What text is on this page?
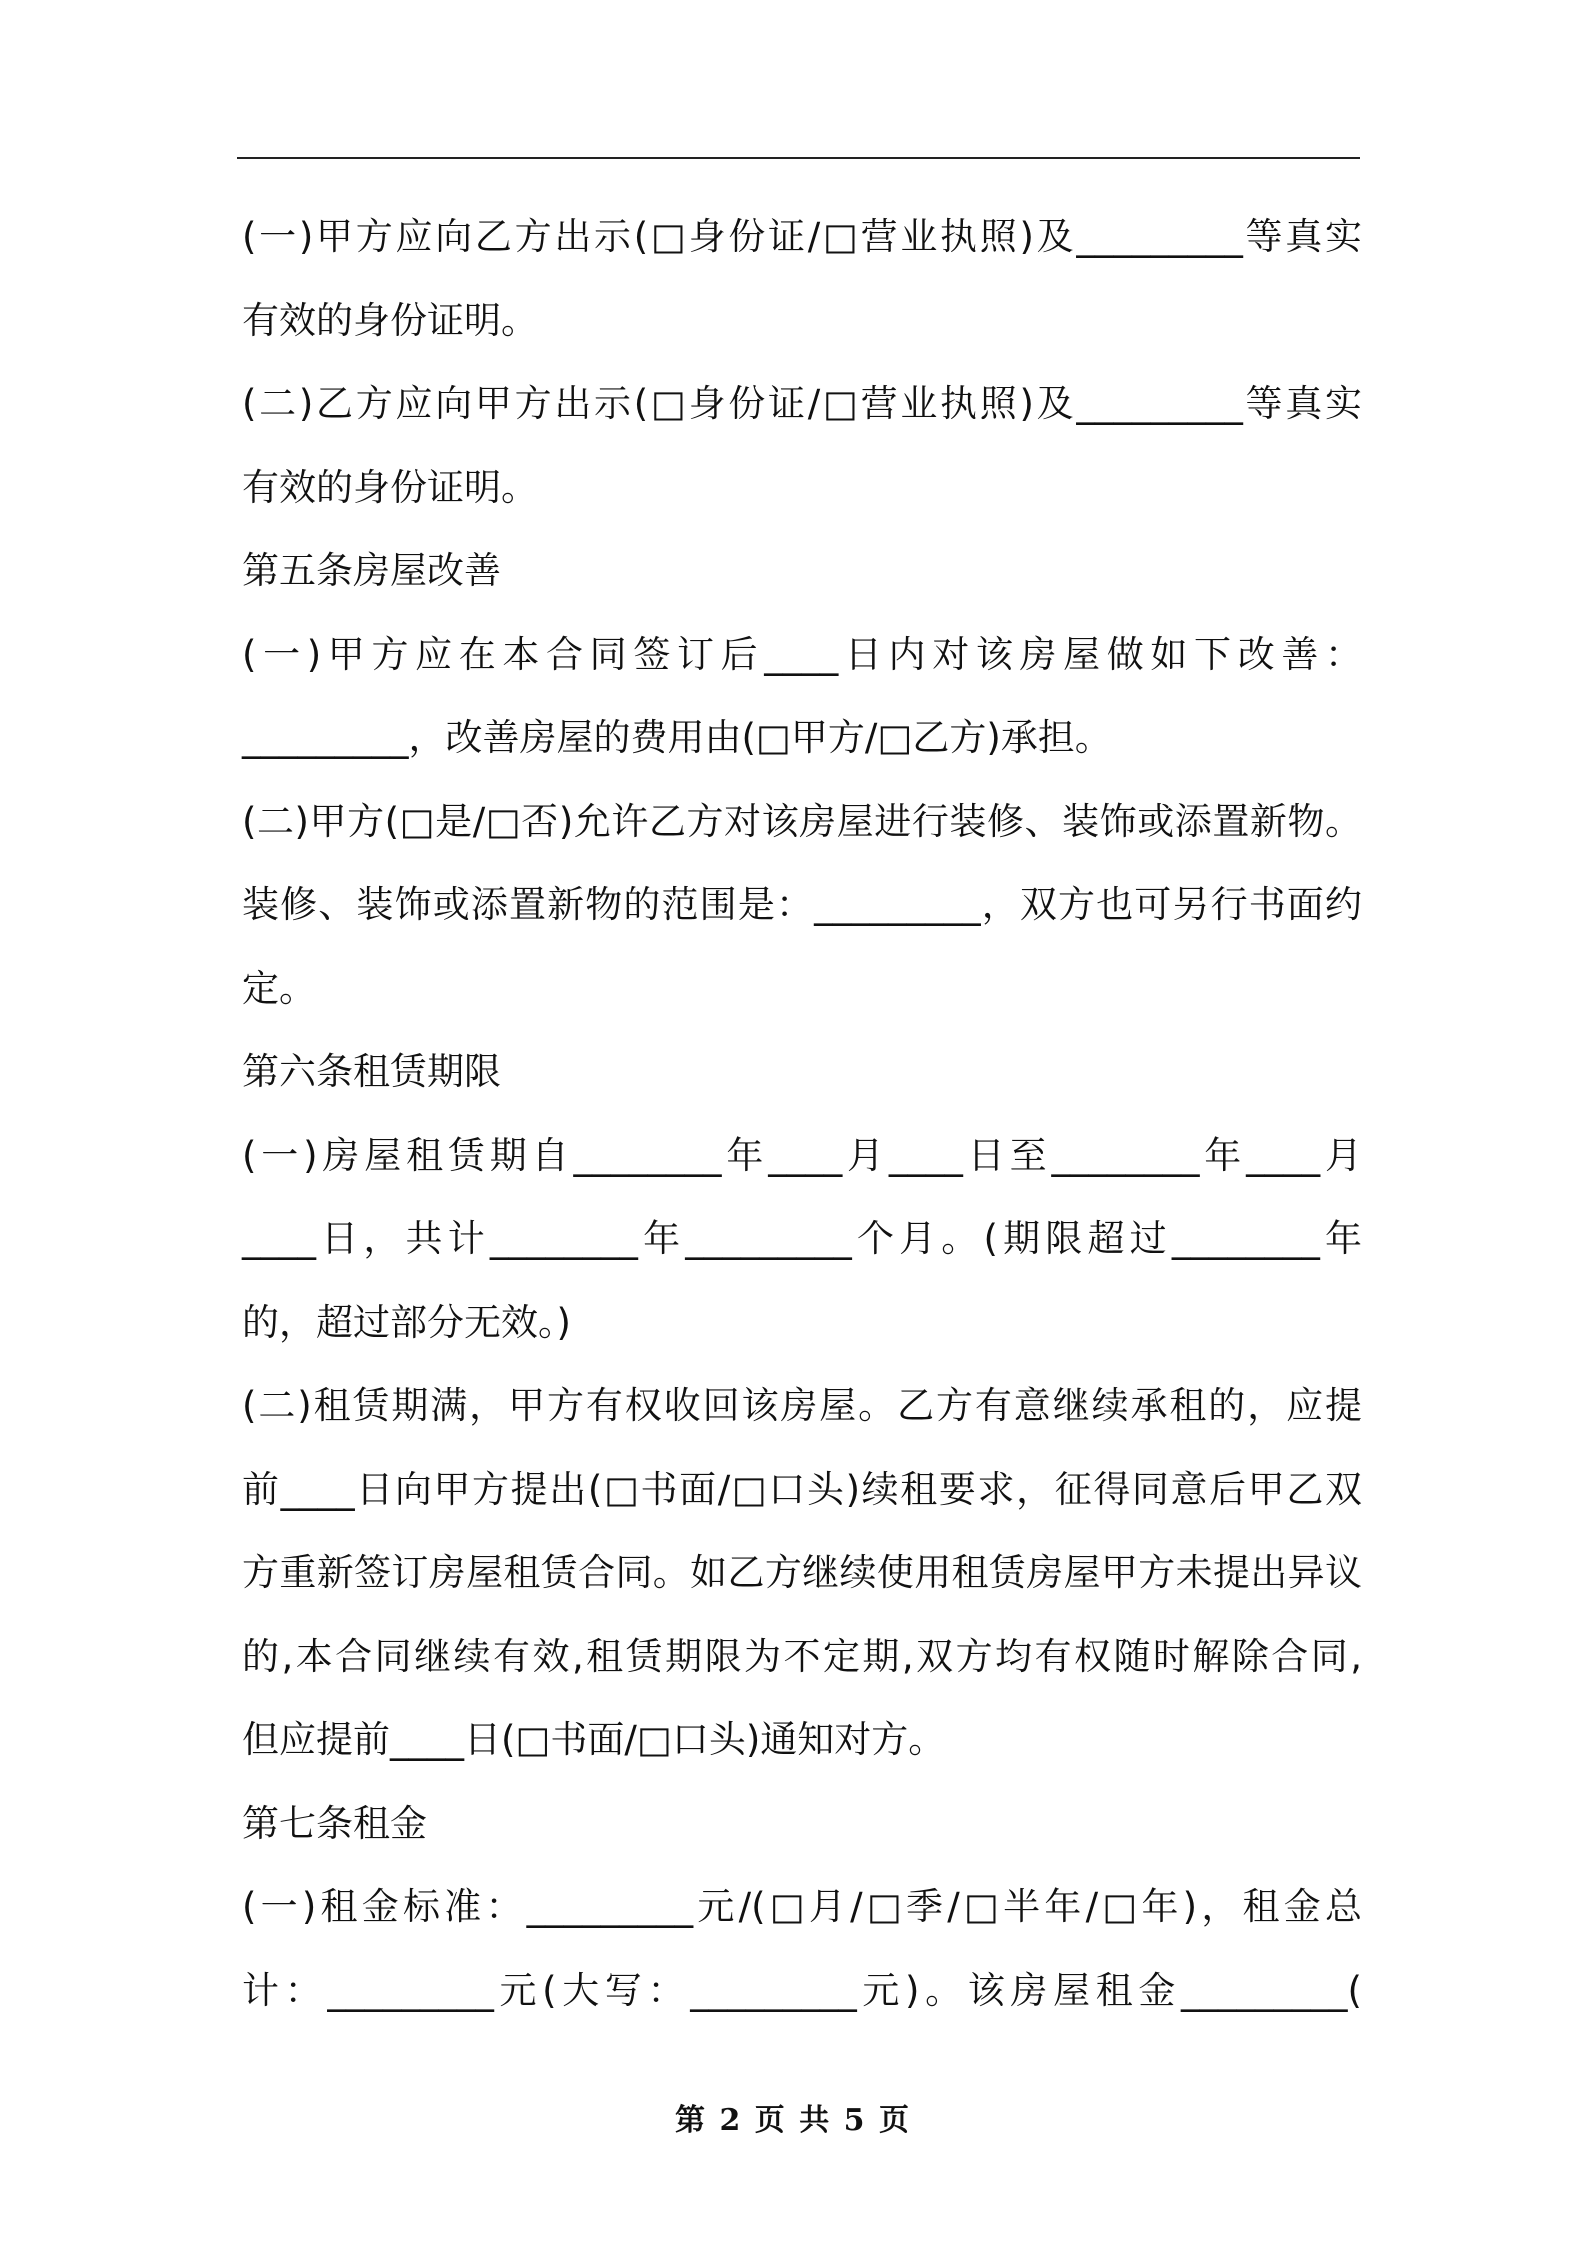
(一)甲方应向乙方出示(□身份证/□营业执照)及_________等真实
有效的身份证明。
(二)乙方应向甲方出示(□身份证/□营业执照)及_________等真实
有效的身份证明。
第五条房屋改善
(一)甲方应在本合同签订后____日内对该房屋做如下改善：
_________，改善房屋的费用由(□甲方/□乙方)承担。
(二)甲方(□是/□否)允许乙方对该房屋进行装修、装饰或添置新物。
装修、装饰或添置新物的范围是：_________，双方也可另行书面约
定。
第六条租赁期限
(一)房屋租赁期自________年____月____日至________年____月
____日，共计________年_________个月。(期限超过________年
的，超过部分无效。)
(二)租赁期满，甲方有权收回该房屋。乙方有意继续承租的，应提
前____日向甲方提出(□书面/□口头)续租要求，征得同意后甲乙双
方重新签订房屋租赁合同。如乙方继续使用租赁房屋甲方未提出异议
的,本合同继续有效,租赁期限为不定期,双方均有权随时解除合同,
但应提前____日(□书面/□口头)通知对方。
第七条租金
(一)租金标准：_________元/(□月/□季/□半年/□年)，租金总
计：_________元(大写：_________元)。该房屋租金_________(
第 2 页 共 5 页
